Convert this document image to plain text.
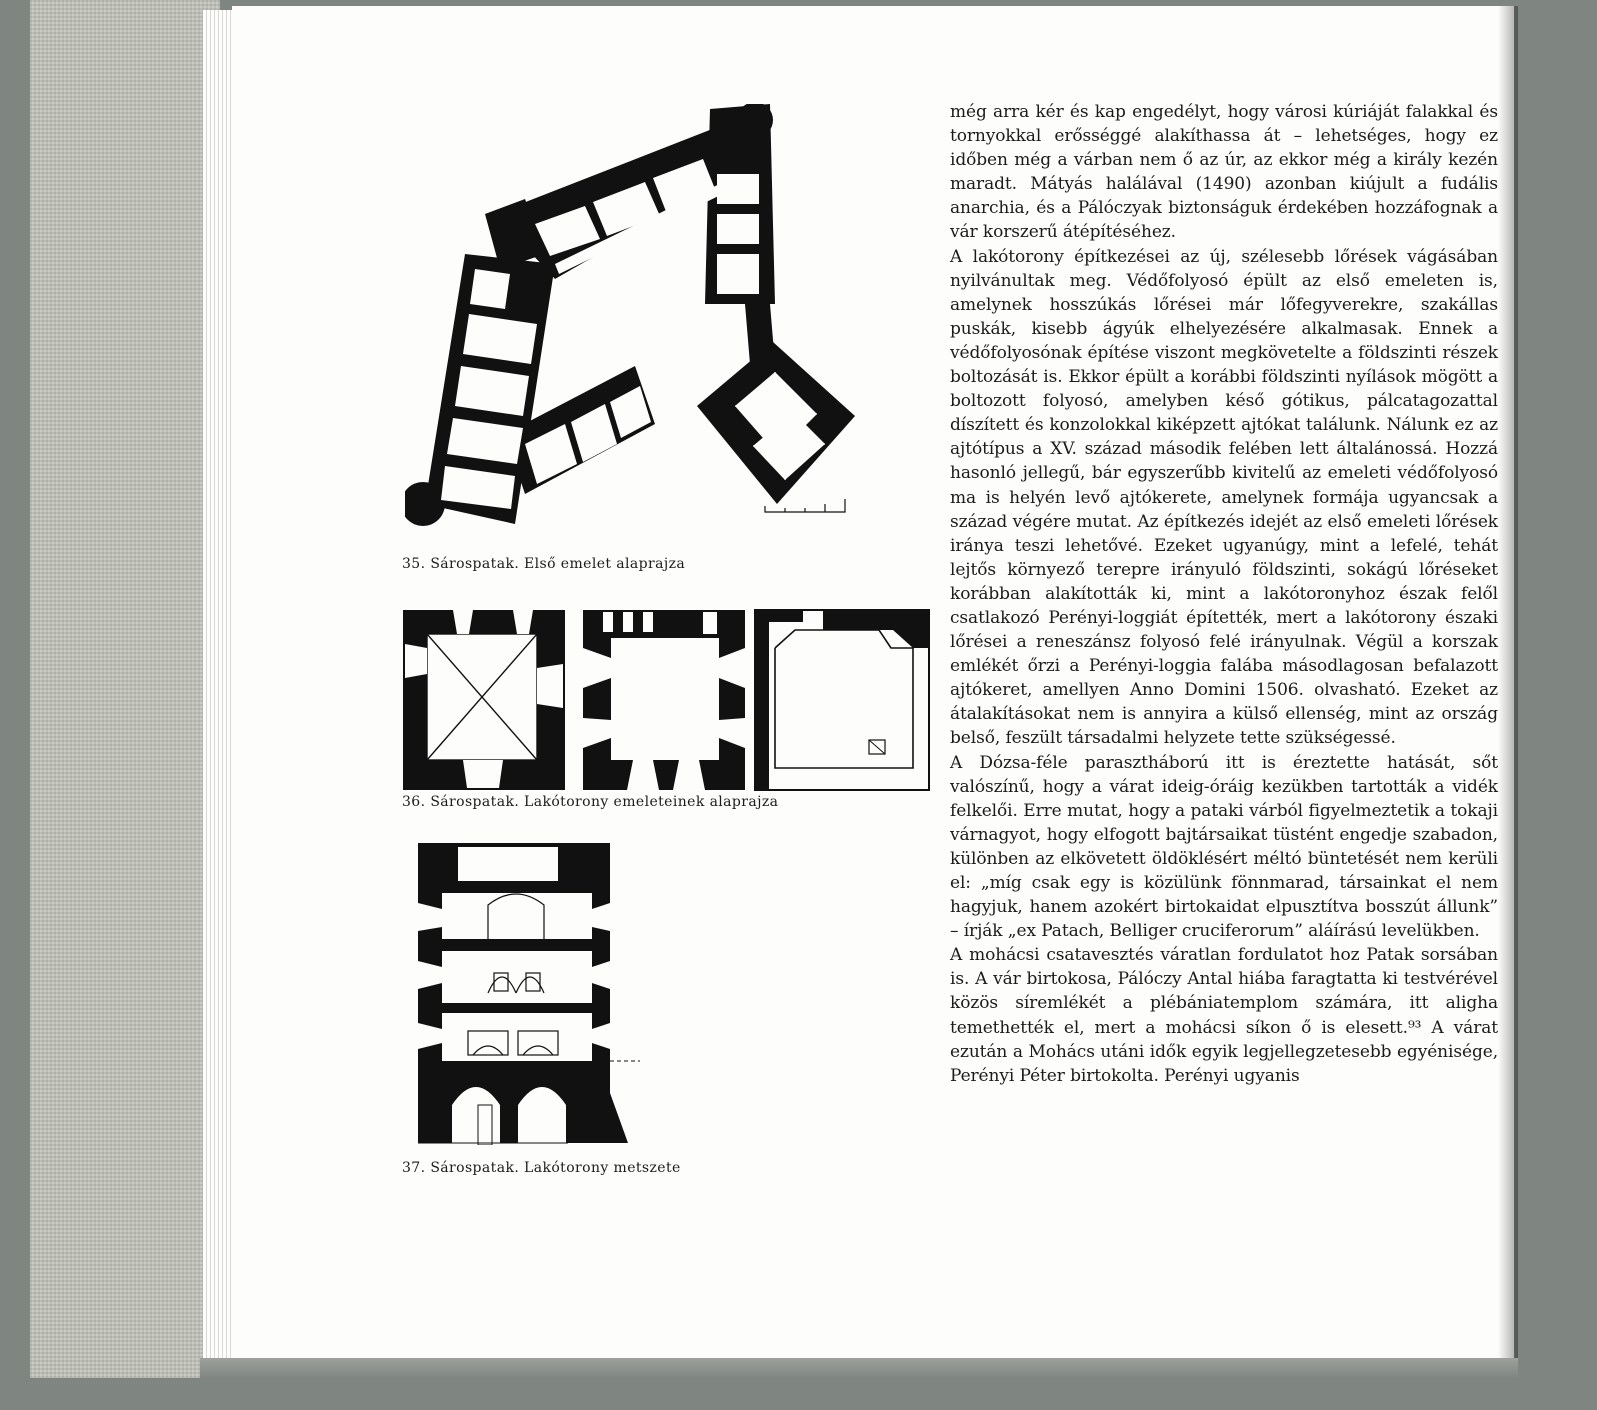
35. Sárospatak. Első emelet alaprajza
36. Sárospatak. Lakótorony emeleteinek alaprajza
37. Sárospatak. Lakótorony metszete
még arra kér és kap engedélyt, hogy városi kúriáját falakkal és tornyokkal erősséggé alakíthassa át – lehetséges, hogy ez időben még a várban nem ő az úr, az ekkor még a király kezén maradt. Mátyás halálával (1490) azonban kiújult a fudális anarchia, és a Pálóczyak biztonságuk érdekében hozzáfognak a vár korszerű átépítéséhez.
A lakótorony építkezései az új, szélesebb lőrések vágásában nyilvánultak meg. Védőfolyosó épült az első emeleten is, amelynek hosszúkás lőrései már lőfegyverekre, szakállas puskák, kisebb ágyúk elhelyezésére alkalmasak. Ennek a védőfolyosónak építése viszont megkövetelte a földszinti részek boltozását is. Ekkor épült a korábbi földszinti nyílások mögött a boltozott folyosó, amelyben késő gótikus, pálcatagozattal díszített és konzolokkal kiképzett ajtókat találunk. Nálunk ez az ajtótípus a XV. század második felében lett általánossá. Hozzá hasonló jellegű, bár egyszerűbb kivitelű az emeleti védőfolyosó ma is helyén levő ajtókerete, amelynek formája ugyancsak a század végére mutat. Az építkezés idejét az első emeleti lőrések iránya teszi lehetővé. Ezeket ugyanúgy, mint a lefelé, tehát lejtős környező terepre irányuló földszinti, sokágú lőréseket korábban alakították ki, mint a lakótoronyhoz észak felől csatlakozó Perényi-loggiát építették, mert a lakótorony északi lőrései a reneszánsz folyosó felé irányulnak. Végül a korszak emlékét őrzi a Perényi-loggia falába másodlagosan befalazott ajtókeret, amellyen Anno Domini 1506. olvasható. Ezeket az átalakításokat nem is annyira a külső ellenség, mint az ország belső, feszült társadalmi helyzete tette szükségessé.
A Dózsa-féle parasztháború itt is éreztette hatását, sőt valószínű, hogy a várat ideig-óráig kezükben tartották a vidék felkelői. Erre mutat, hogy a pataki várból figyelmeztetik a tokaji várnagyot, hogy elfogott bajtársaikat tüstént engedje szabadon, különben az elkövetett öldöklésért méltó büntetését nem kerüli el: „míg csak egy is közülünk fönnmarad, társainkat el nem hagyjuk, hanem azokért birtokaidat elpusztítva bosszút állunk” – írják „ex Patach, Belliger cruciferorum” aláírású levelükben.
A mohácsi csatavesztés váratlan fordulatot hoz Patak sorsában is. A vár birtokosa, Pálóczy Antal hiába faragtatta ki testvérével közös síremlékét a plébániatemplom számára, itt aligha temethették el, mert a mohácsi síkon ő is elesett.⁹³ A várat ezután a Mohács utáni idők egyik legjellegzetesebb egyénisége, Perényi Péter birtokolta. Perényi ugyanis
